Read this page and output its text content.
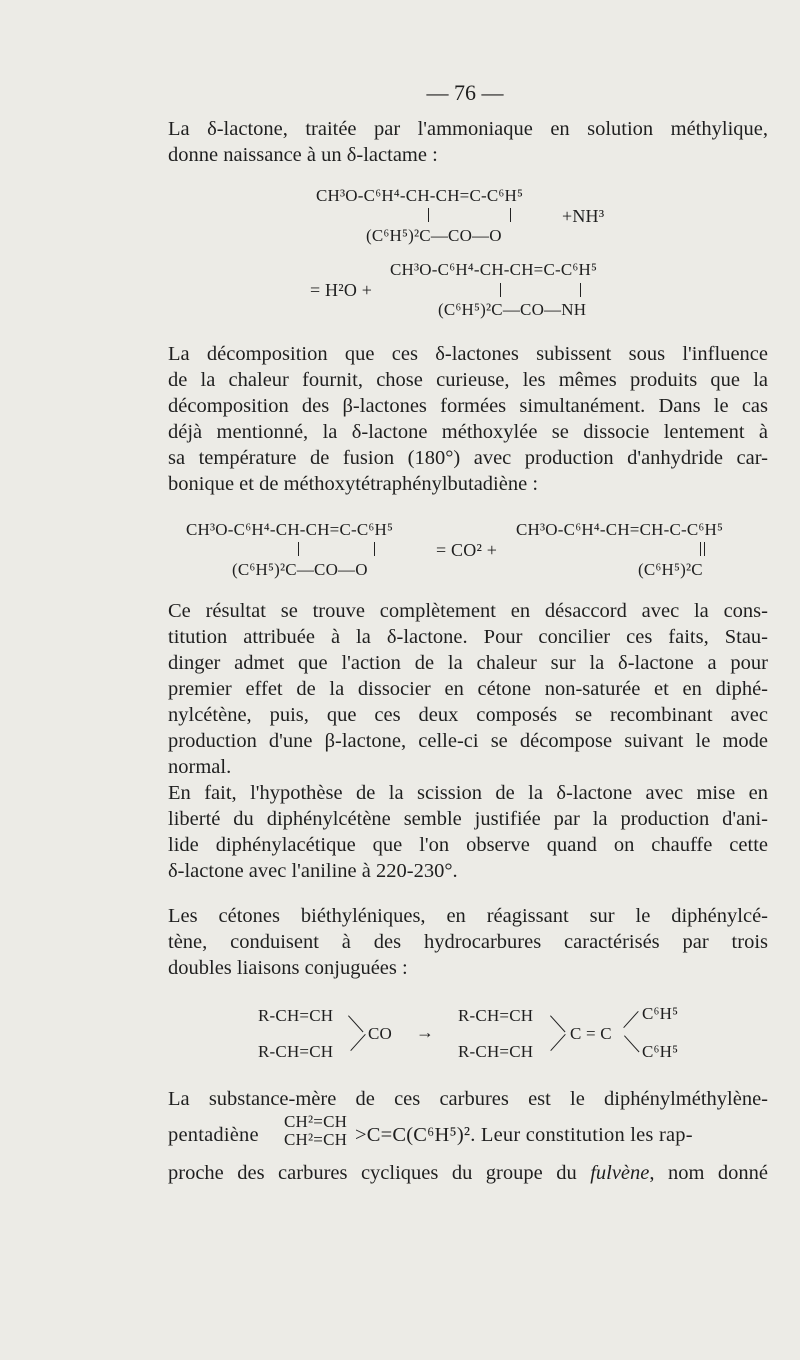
— 76 —
La δ-lactone, traitée par l'ammoniaque en solution méthylique,
donne naissance à un δ-lactame :
CH³O-C⁶H⁴-CH-CH=C-C⁶H⁵
+NH³
(C⁶H⁵)²C—CO—O
CH³O-C⁶H⁴-CH-CH=C-C⁶H⁵
= H²O +
(C⁶H⁵)²C—CO—NH
La décomposition que ces δ-lactones subissent sous l'influence
de la chaleur fournit, chose curieuse, les mêmes produits que la
décomposition des β-lactones formées simultanément. Dans le cas
déjà mentionné, la δ-lactone méthoxylée se dissocie lentement à
sa température de fusion (180°) avec production d'anhydride car-
bonique et de méthoxytétraphénylbutadiène :
CH³O-C⁶H⁴-CH-CH=C-C⁶H⁵
(C⁶H⁵)²C—CO—O
= CO² +
CH³O-C⁶H⁴-CH=CH-C-C⁶H⁵
(C⁶H⁵)²C
Ce résultat se trouve complètement en désaccord avec la cons-
titution attribuée à la δ-lactone. Pour concilier ces faits, Stau-
dinger admet que l'action de la chaleur sur la δ-lactone a pour
premier effet de la dissocier en cétone non-saturée et en diphé-
nylcétène, puis, que ces deux composés se recombinant avec
production d'une β-lactone, celle-ci se décompose suivant le mode
normal.
En fait, l'hypothèse de la scission de la δ-lactone avec mise en
liberté du diphénylcétène semble justifiée par la production d'ani-
lide diphénylacétique que l'on observe quand on chauffe cette
δ-lactone avec l'aniline à 220-230°.
Les cétones biéthyléniques, en réagissant sur le diphénylcé-
tène, conduisent à des hydrocarbures caractérisés par trois
doubles liaisons conjuguées :
R-CH=CH
R-CH=CH
CO →
R-CH=CH
R-CH=CH
C = C
C⁶H⁵
C⁶H⁵
La substance-mère de ces carbures est le diphénylméthylène-
pentadiène
CH²=CH
CH²=CH >C=C(C⁶H⁵)². Leur constitution les rap-
proche des carbures cycliques du groupe du fulvène, nom donné
